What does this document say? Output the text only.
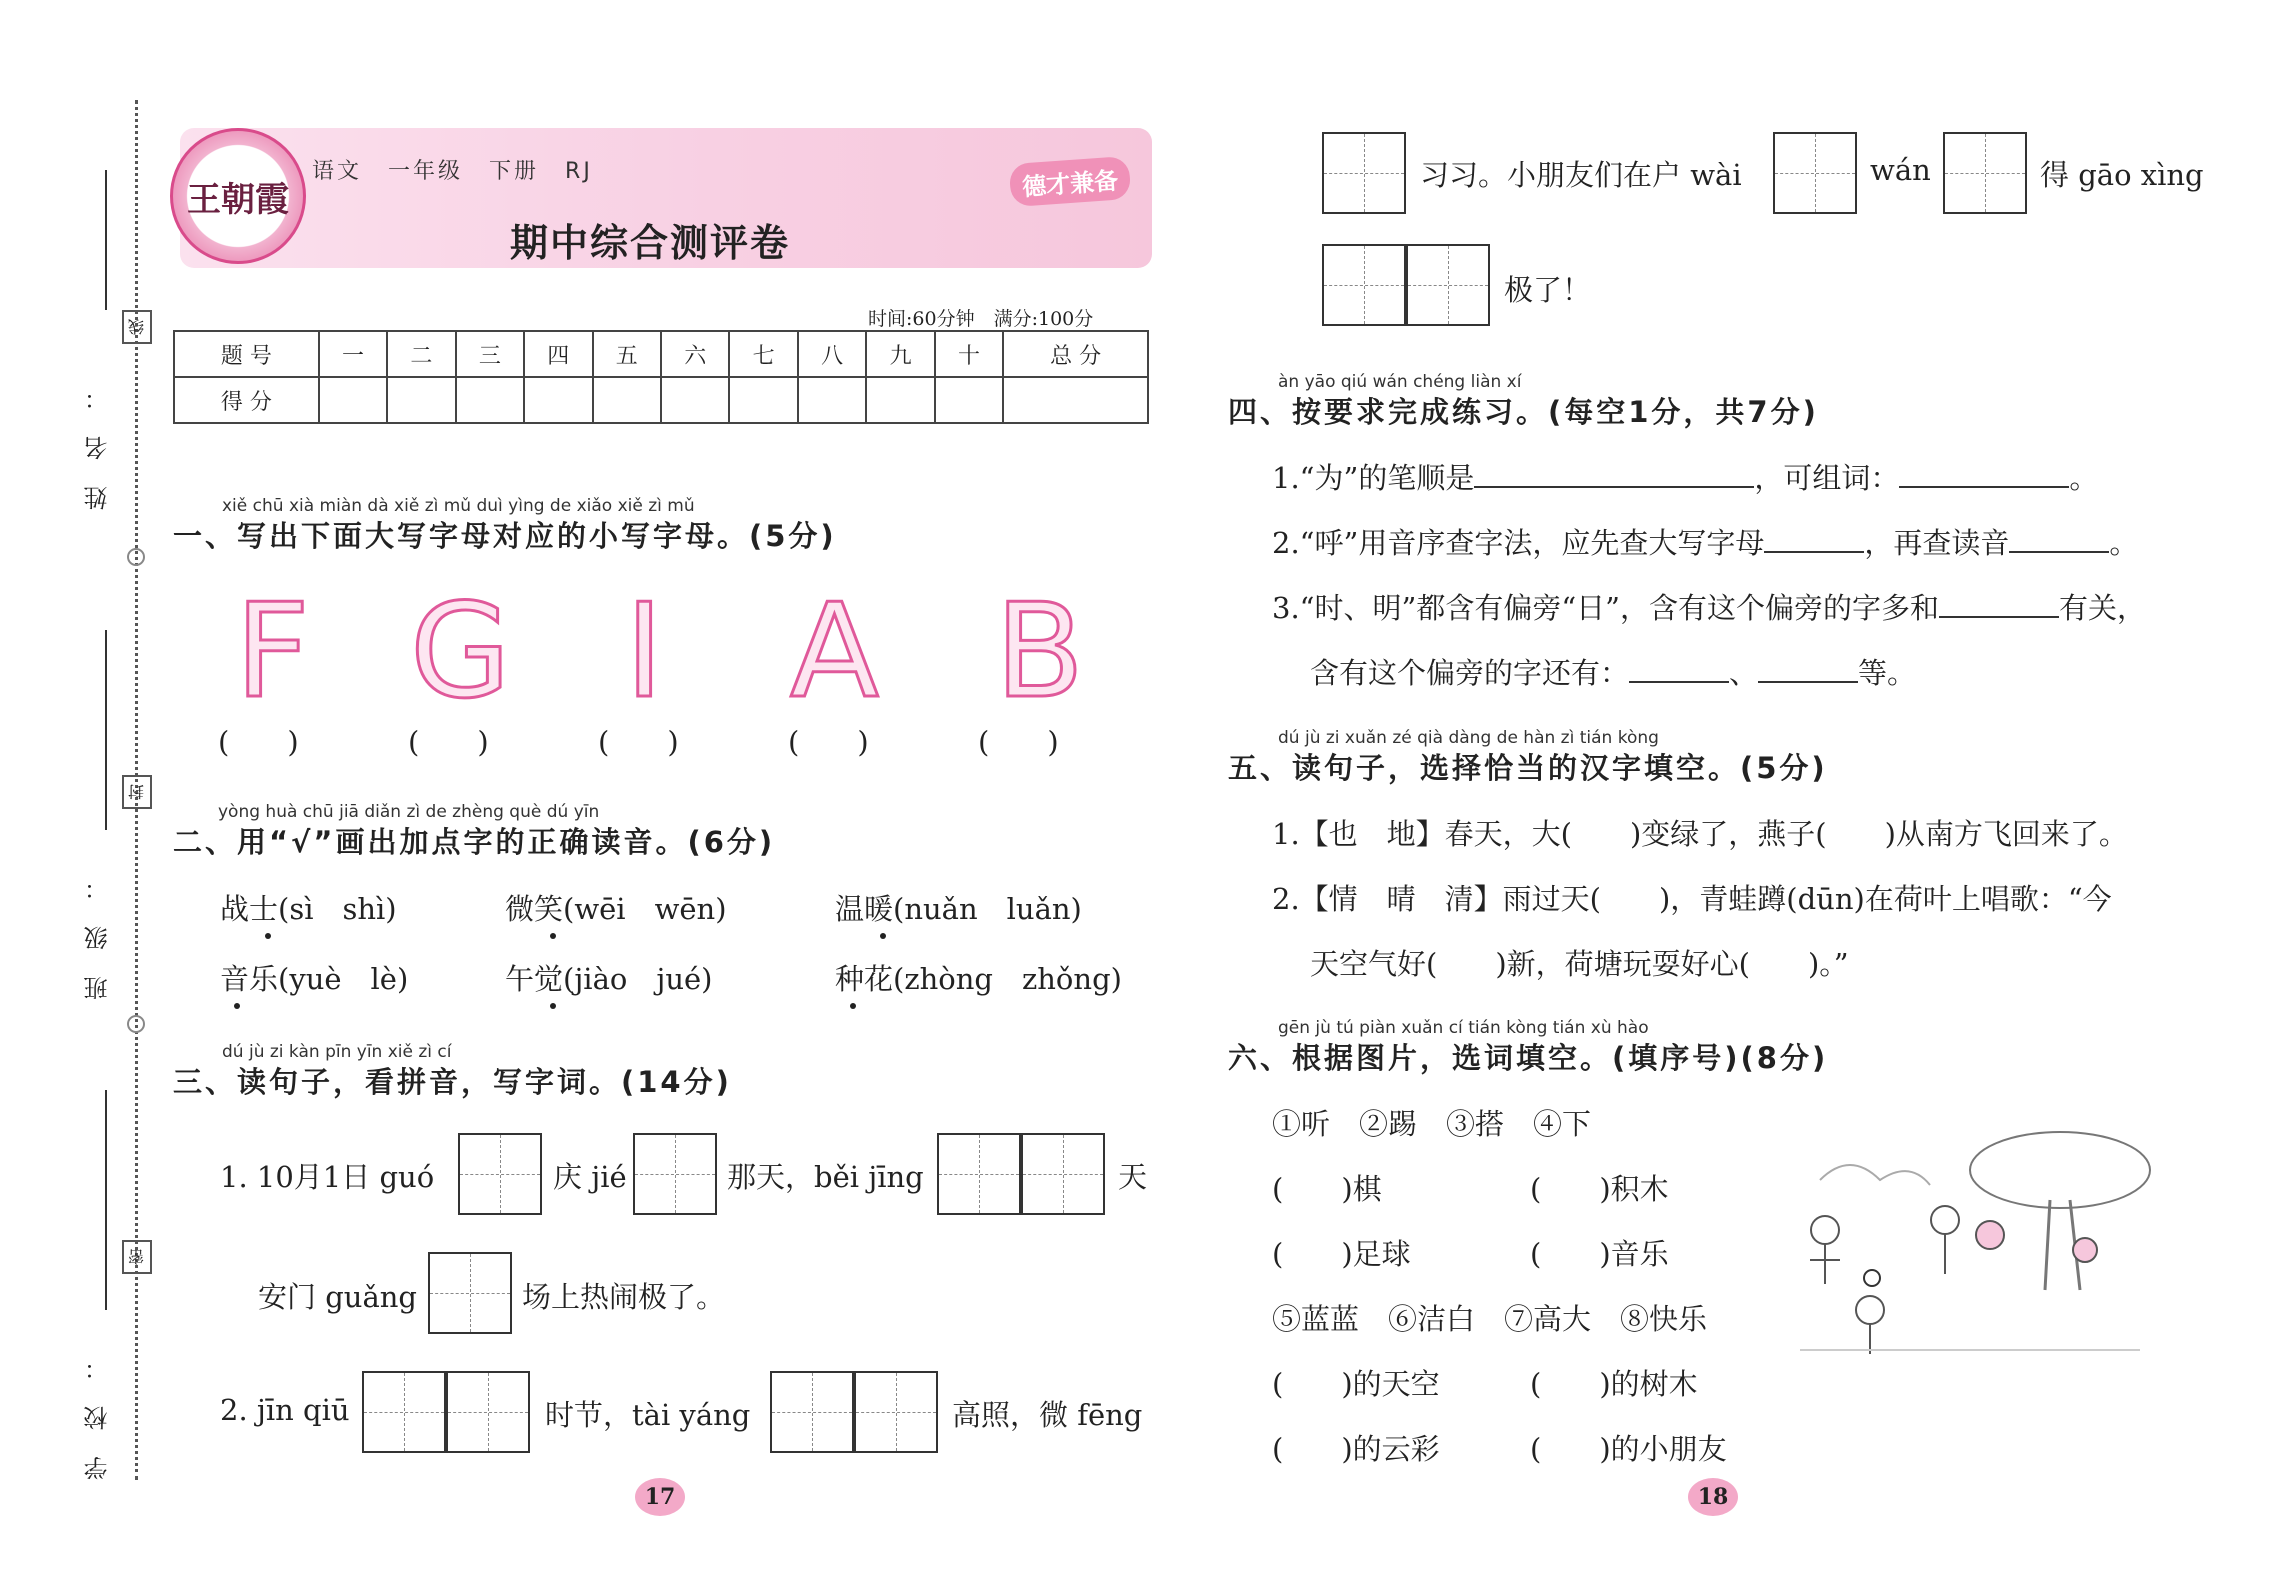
姓名：
线
班级：
封
学校：
密
王朝霞
语文 一年级 下册 RJ
期中综合测评卷
德才兼备
时间:60分钟　满分:100分
题 号	一	二	三	四	五	六	七	八	九	十	总 分
得 分											
xiě chū xià miàn dà xiě zì mǔ duì yìng de xiǎo xiě zì mǔ
一、写出下面大写字母对应的小写字母。(5分)
F G I A B
(　　)	(　　)	(　　)	(　　)	(　　)
yòng huà chū jiā diǎn zì de zhèng què dú yīn
二、用“√”画出加点字的正确读音。(6分)
战士(sì　shì)	微笑(wēi　wēn)	温暖(nuǎn　luǎn)
音乐(yuè　lè)	午觉(jiào　jué)	种花(zhòng　zhǒng)
dú jù zi kàn pīn yīn xiě zì cí
三、读句子，看拼音，写字词。(14分)
1. 10月1日 guó	庆 jié	那天，běi jīng	天
安门 guǎng	场上热闹极了。
2. jīn qiū	时节，tài yáng	高照，微 fēng
17
习习。小朋友们在户 wài	wán	得 gāo xìng
极了！
àn yāo qiú wán chéng liàn xí
四、按要求完成练习。(每空1分，共7分)
1.“为”的笔顺是	，可组词：	。
2.“呼”用音序查字法，应先查大写字母	，再查读音	。
3.“时、明”都含有偏旁“日”，含有这个偏旁的字多和	有关，
含有这个偏旁的字还有：	、	等。
dú jù zi xuǎn zé qià dàng de hàn zì tián kòng
五、读句子，选择恰当的汉字填空。(5分)
1.【也　地】春天，大(　　)变绿了，燕子(　　)从南方飞回来了。
2.【情　晴　清】雨过天(　　)，青蛙蹲(dūn)在荷叶上唱歌：“今
天空气好(　　)新，荷塘玩耍好心(　　)。”
gēn jù tú piàn xuǎn cí tián kòng tián xù hào
六、根据图片，选词填空。(填序号)(8分)
①听　②踢　③搭　④下
(　　)棋	(　　)积木
(　　)足球	(　　)音乐
⑤蓝蓝　⑥洁白　⑦高大　⑧快乐
(　　)的天空	(　　)的树木
(　　)的云彩	(　　)的小朋友
18
